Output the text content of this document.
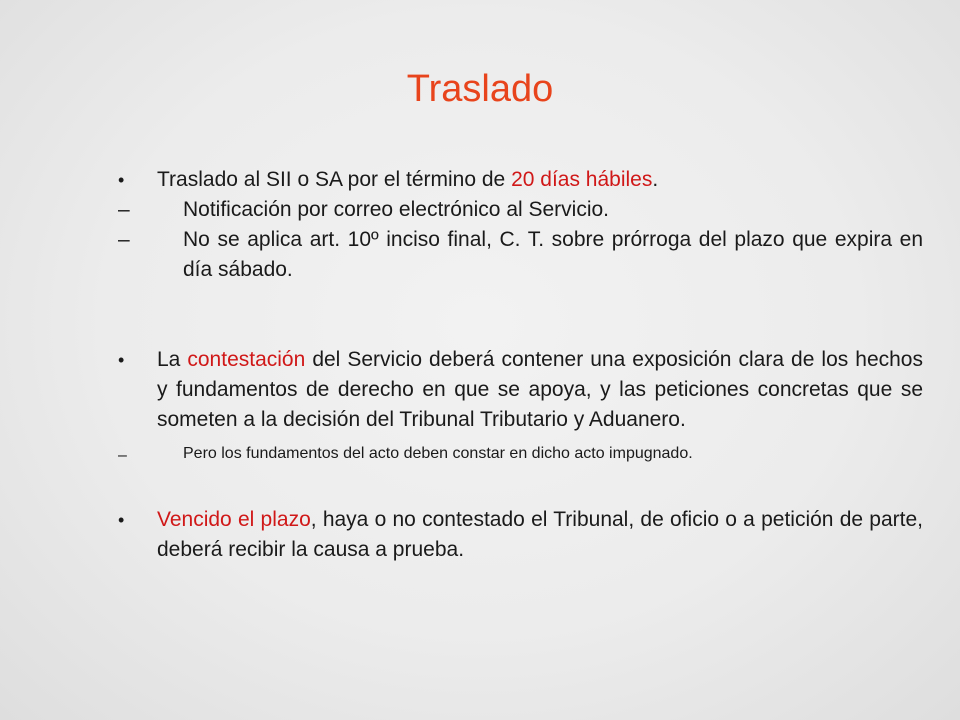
Traslado
• Traslado al SII o SA por el término de 20 días hábiles.
–	Notificación por correo electrónico al Servicio.
–	No se aplica art. 10º inciso final, C. T. sobre prórroga del plazo que expira en día sábado.
• La contestación del Servicio deberá contener una exposición clara de los hechos y fundamentos de derecho en que se apoya, y las peticiones concretas que se someten a la decisión del Tribunal Tributario y Aduanero.
–	Pero los fundamentos del acto deben constar en dicho acto impugnado.
• Vencido el plazo, haya o no contestado el Tribunal, de oficio o a petición de parte, deberá recibir la causa a prueba.
